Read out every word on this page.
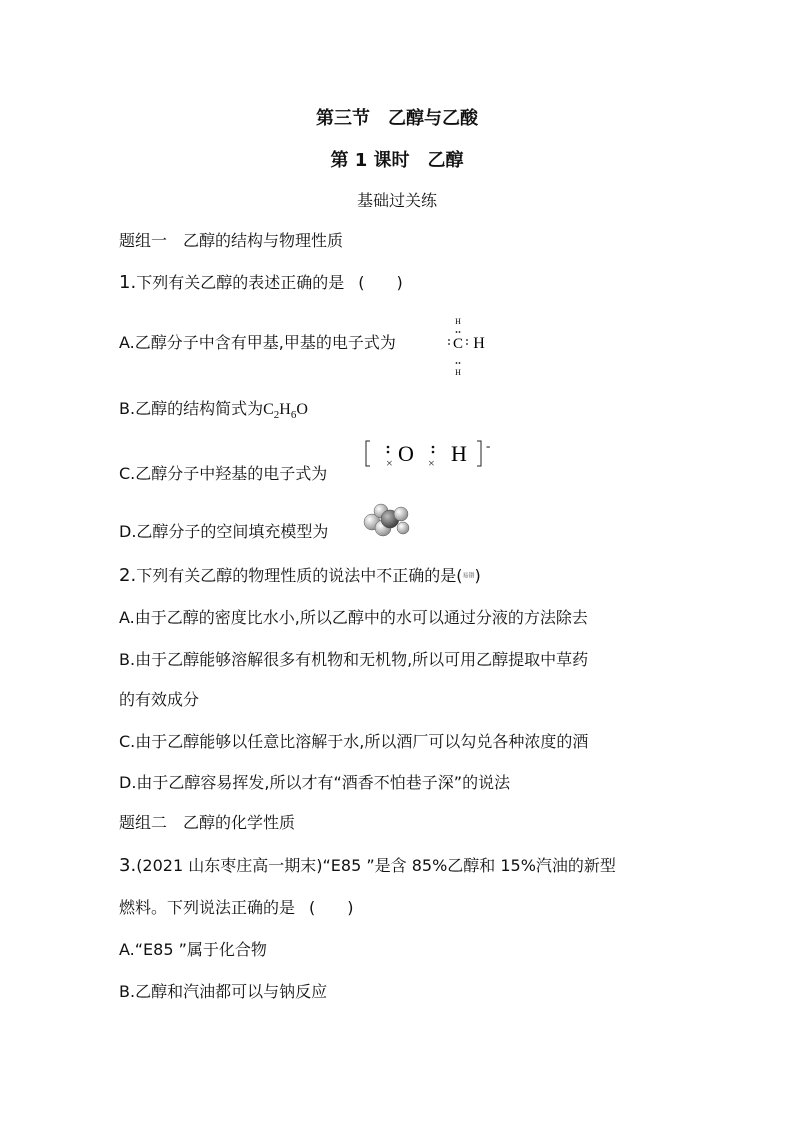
第三节　乙醇与乙酸
第 1 课时　乙醇
基础过关练
题组一　乙醇的结构与物理性质
1.下列有关乙醇的表述正确的是 (　　)
A.乙醇分子中含有甲基,甲基的电子式为
H
C H
H
B.乙醇的结构简式为$C_2H_6O$
C.乙醇分子中羟基的电子式为
× O × H -
D.乙醇分子的空间填充模型为
2.下列有关乙醇的物理性质的说法中不正确的是(易错)
A.由于乙醇的密度比水小,所以乙醇中的水可以通过分液的方法除去
B.由于乙醇能够溶解很多有机物和无机物,所以可用乙醇提取中草药
的有效成分
C.由于乙醇能够以任意比溶解于水,所以酒厂可以勾兑各种浓度的酒
D.由于乙醇容易挥发,所以才有“酒香不怕巷子深”的说法
题组二　乙醇的化学性质
3.(2021 山东枣庄高一期末)“E85 ”是含 85%乙醇和 15%汽油的新型
燃料。下列说法正确的是 (　　)
A.“E85 ”属于化合物
B.乙醇和汽油都可以与钠反应
